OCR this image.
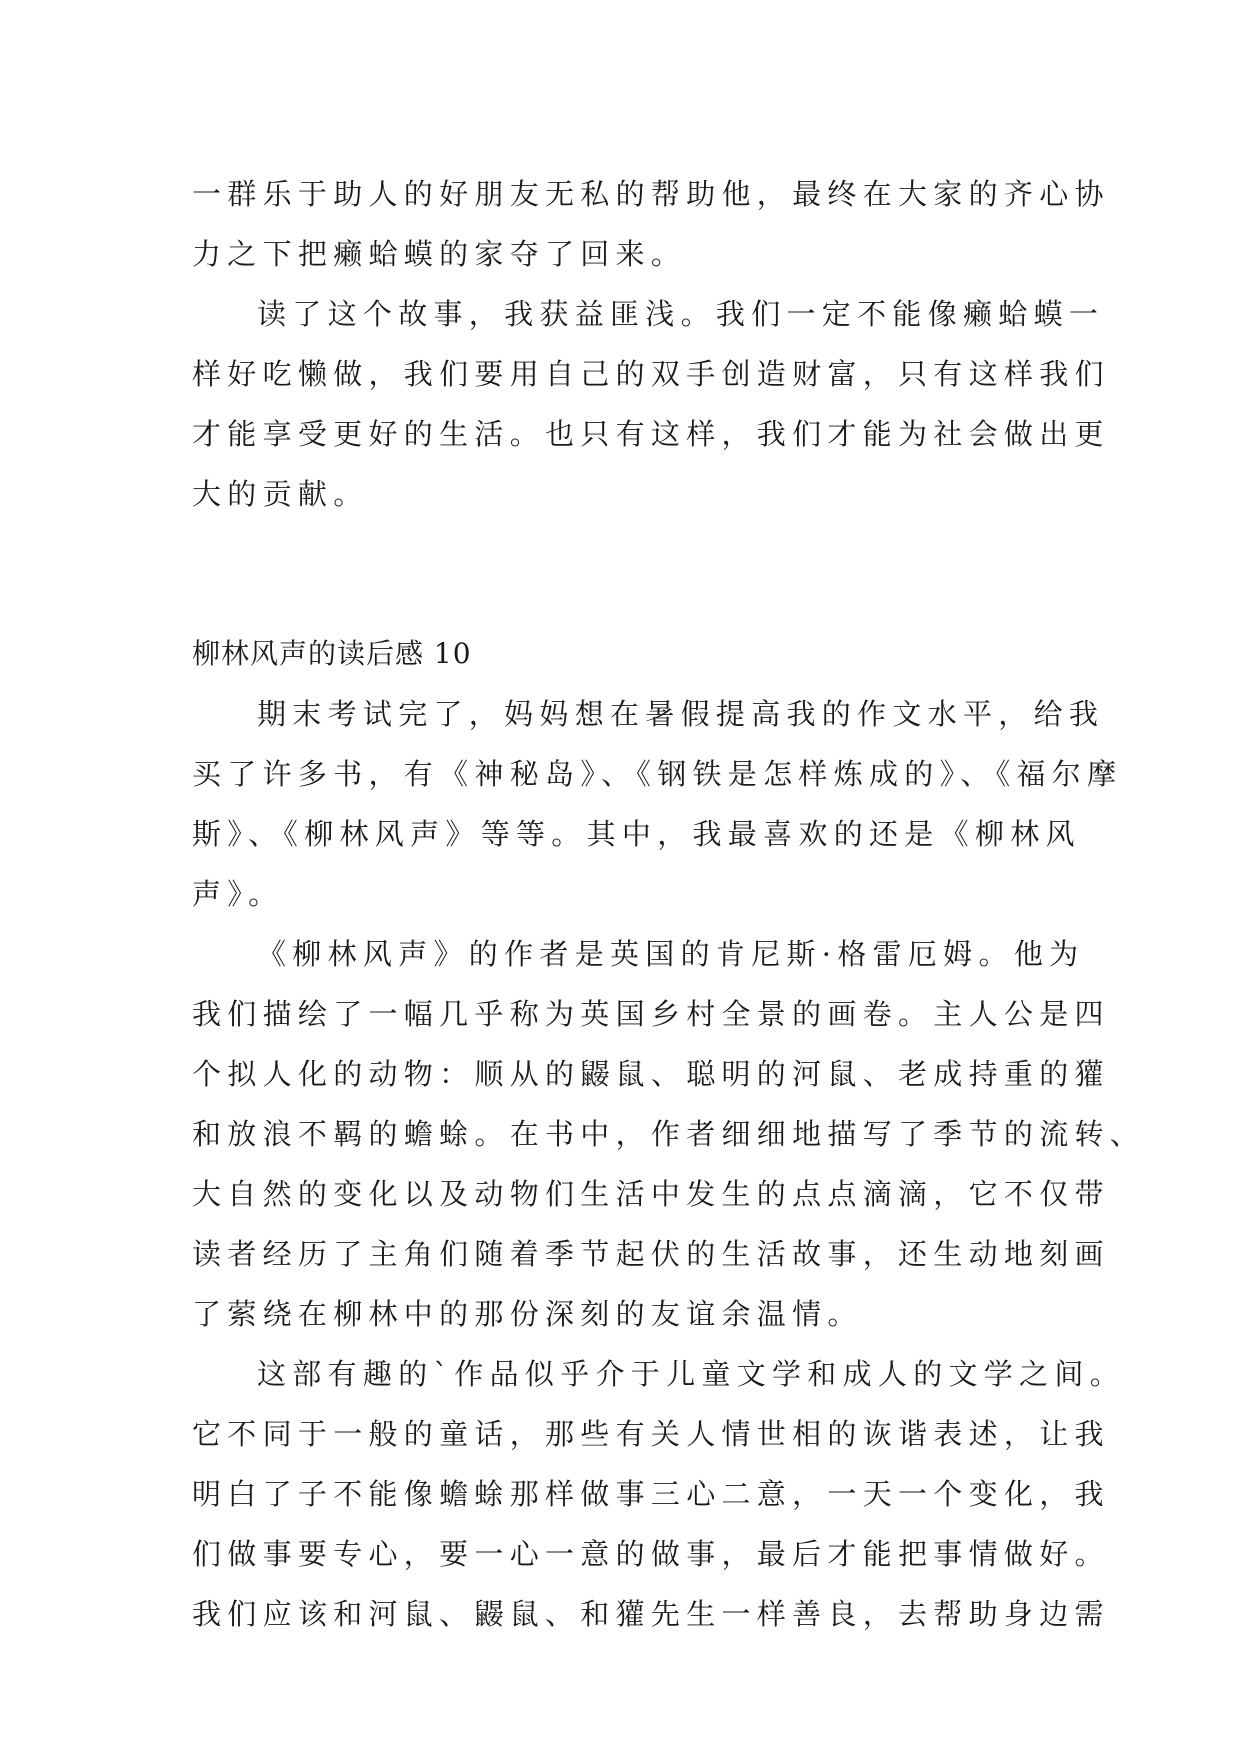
一群乐于助人的好朋友无私的帮助他，最终在大家的齐心协
力之下把癞蛤蟆的家夺了回来。
读了这个故事，我获益匪浅。我们一定不能像癞蛤蟆一
样好吃懒做，我们要用自己的双手创造财富，只有这样我们
才能享受更好的生活。也只有这样，我们才能为社会做出更
大的贡献。
柳林风声的读后感 10
期末考试完了，妈妈想在暑假提高我的作文水平，给我
买了许多书，有《神秘岛》、《钢铁是怎样炼成的》、《福尔摩
斯》、《柳林风声》等等。其中，我最喜欢的还是《柳林风
声》。
《柳林风声》的作者是英国的肯尼斯·格雷厄姆。他为
我们描绘了一幅几乎称为英国乡村全景的画卷。主人公是四
个拟人化的动物：顺从的鼹鼠、聪明的河鼠、老成持重的獾
和放浪不羁的蟾蜍。在书中，作者细细地描写了季节的流转、
大自然的变化以及动物们生活中发生的点点滴滴，它不仅带
读者经历了主角们随着季节起伏的生活故事，还生动地刻画
了萦绕在柳林中的那份深刻的友谊余温情。
这部有趣的`作品似乎介于儿童文学和成人的文学之间。
它不同于一般的童话，那些有关人情世相的诙谐表述，让我
明白了子不能像蟾蜍那样做事三心二意，一天一个变化，我
们做事要专心，要一心一意的做事，最后才能把事情做好。
我们应该和河鼠、鼹鼠、和獾先生一样善良，去帮助身边需
